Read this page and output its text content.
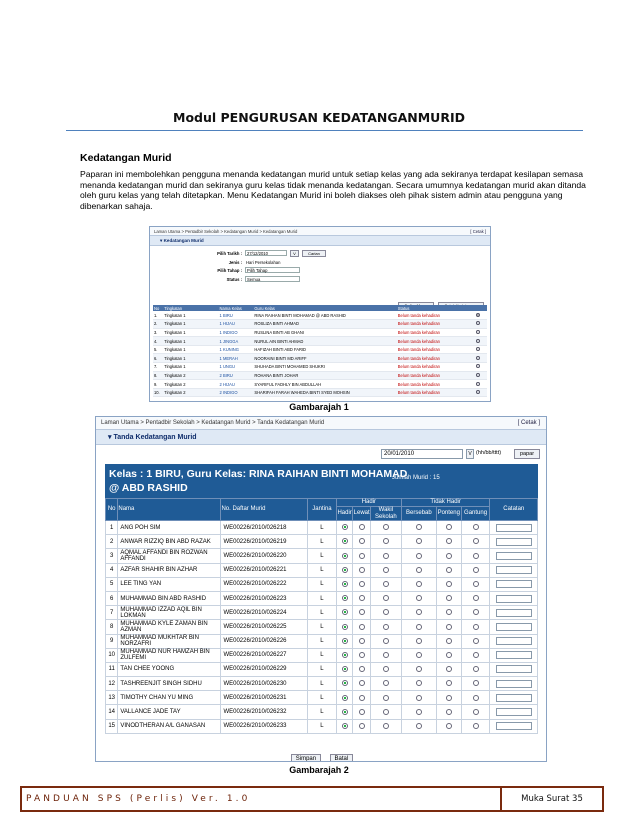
Modul PENGURUSAN KEDATANGANMURID
Kedatangan Murid
Paparan ini membolehkan pengguna menanda kedatangan murid untuk setiap kelas yang ada sekiranya terdapat kesilapan semasa menanda kedatangan murid dan sekiranya guru kelas tidak menanda kedatangan. Secara umumnya kedatangan murid akan ditanda oleh guru kelas yang telah ditetapkan. Menu Kedatangan Murid ini boleh diakses oleh pihak sistem admin atau pengguna yang dibenarkan sahaja.
Laman Utama > Pentadbir Sekolah > Kedatangan Murid > Kedatangan Murid	[ Cetak ]
▾ Kedatangan Murid
Pilih Tarikh :	27/12/2010	V	Carian
Jenis : Hari Persekolahan
Pilih Tahap :	Pilih Tahap
Status :	Semua

No	Tingkatan	Nama Kelas	Guru Kelas	Status	
1.	Tingkatan 1	1 BIRU	RINA RAIHAN BINTI MOHAMAD @ ABD RASHID	Belum tanda kehadiran	
2.	Tingkatan 1	1 HIJAU	ROSLIZA BINTI AHMAD	Belum tanda kehadiran	
3.	Tingkatan 1	1 INDIGO	RUSLINA BINTI AB GHANI	Belum tanda kehadiran	
4.	Tingkatan 1	1 JINGGA	NURUL AIN BINTI AHMAD	Belum tanda kehadiran	
5.	Tingkatan 1	1 KUNING	HAFIZAH BINTI ABD FARID	Belum tanda kehadiran	
6.	Tingkatan 1	1 MERAH	NOORAINI BINTI MD ARIFF	Belum tanda kehadiran	
7.	Tingkatan 1	1 UNGU	SHUHADA BINTI MOHAMED SHUKRI	Belum tanda kehadiran	
8.	Tingkatan 2	2 BIRU	ROHANA BINTI JOHAR	Belum tanda kehadiran	
9.	Tingkatan 2	2 HIJAU	SYARIFUL FADHLY BIN ABDULLAH	Belum tanda kehadiran	
10.	Tingkatan 2	2 INDIGO	SHARIFAH FARAH WAHEDA BINTI SYED MOHSIN	Belum tanda kehadiran	
Gambarajah 1
Laman Utama > Pentadbir Sekolah > Kedatangan Murid > Tanda Kedatangan Murid	[ Cetak ]
▾ Tanda Kedatangan Murid
20/01/2010	V (hh/bb/tttt)	papar
Kelas : 1 BIRU, Guru Kelas: RINA RAIHAN BINTI MOHAMAD @ ABD RASHID
Jumlah Murid : 15
No	Nama	No. Daftar Murid	Jantina	Hadir			Tidak Hadir			Catatan
				Hadir	Lewat	Wakil Sekolah	Bersebab	Ponteng	Gantung	
1	ANG POH SIM	WE00226/2010/026218	L							
2	ANWAR RIZZIQ BIN ABD RAZAK	WE00226/2010/026219	L							
3	AQMAL AFFANDI BIN ROZWAN AFFANDI	WE00226/2010/026220	L							
4	AZFAR SHAHIR BIN AZHAR	WE00226/2010/026221	L							
5	LEE TING YAN	WE00226/2010/026222	L							
6	MUHAMMAD BIN ABD RASHID	WE00226/2010/026223	L							
7	MUHAMMAD IZZAD AQIL BIN LOKMAN	WE00226/2010/026224	L							
8	MUHAMMAD KYLE ZAMAN BIN AZMAN	WE00226/2010/026225	L							
9	MUHAMMAD MUKHTAR BIN NORZAFRI	WE00226/2010/026226	L							
10	MUHAMMAD NUR HAMZAH BIN ZULFEMI	WE00226/2010/026227	L							
11	TAN CHEE YOONG	WE00226/2010/026229	L							
12	TASHREENJIT SINGH SIDHU	WE00226/2010/026230	L							
13	TIMOTHY CHAN YU MING	WE00226/2010/026231	L							
14	VALLANCE JADE TAY	WE00226/2010/026232	L							
15	VINODTHERAN A/L GANASAN	WE00226/2010/026233	L							
Simpan	Batal
Gambarajah 2
PANDUAN SPS (Perlis) Ver. 1.0	Muka Surat 35
